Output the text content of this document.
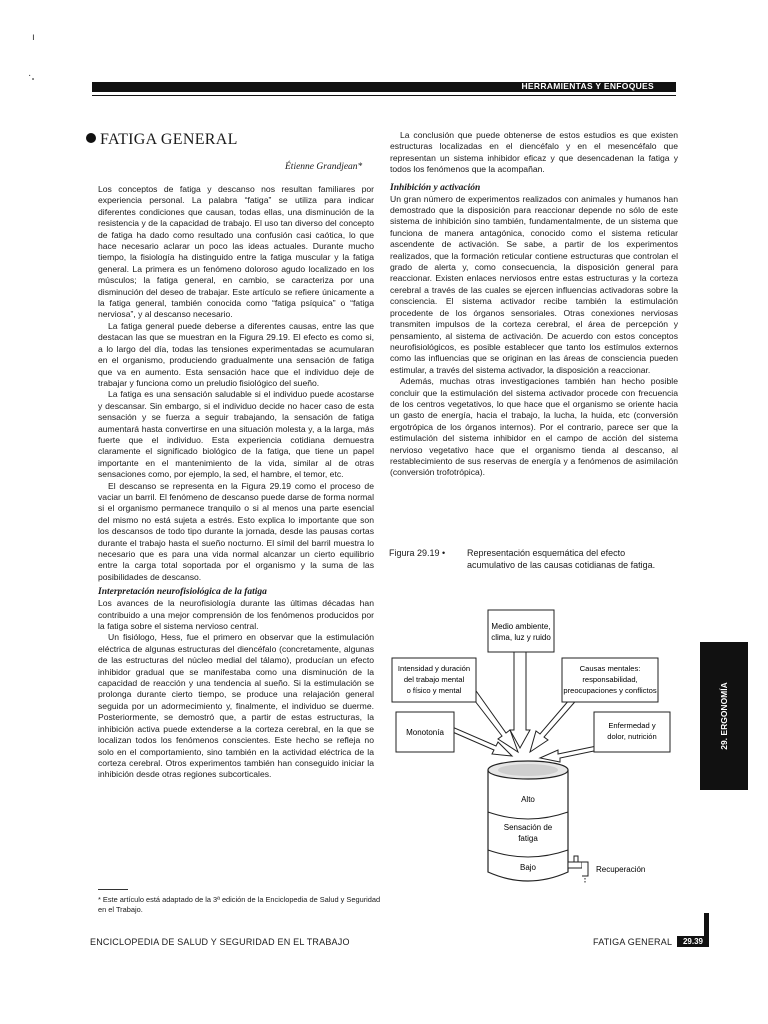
ı
·˳
HERRAMIENTAS Y ENFOQUES
FATIGA GENERAL
Étienne Grandjean*

Los conceptos de fatiga y descanso nos resultan familiares por experiencia personal. La palabra “fatiga” se utiliza para indicar diferentes condiciones que causan, todas ellas, una disminución de la resistencia y de la capacidad de trabajo. El uso tan diverso del concepto de fatiga ha dado como resultado una confusión casi caótica, lo que hace necesario aclarar un poco las ideas actuales. Durante mucho tiempo, la fisiología ha distinguido entre la fatiga muscular y la fatiga general. La primera es un fenómeno doloroso agudo localizado en los músculos; la fatiga general, en cambio, se caracteriza por una disminución del deseo de trabajar. Este artículo se refiere únicamente a la fatiga general, también conocida como “fatiga psíquica” o “fatiga nerviosa”, y al descanso necesario.

La fatiga general puede deberse a diferentes causas, entre las que destacan las que se muestran en la Figura 29.19. El efecto es como si, a lo largo del día, todas las tensiones experimentadas se acumularan en el organismo, produciendo gradualmente una sensación de fatiga que va en aumento. Esta sensación hace que el individuo deje de trabajar y funciona como un preludio fisiológico del sueño.

La fatiga es una sensación saludable si el individuo puede acostarse y descansar. Sin embargo, si el individuo decide no hacer caso de esta sensación y se fuerza a seguir trabajando, la sensación de fatiga aumentará hasta convertirse en una situación molesta y, a la larga, más fuerte que el individuo. Esta experiencia cotidiana demuestra claramente el significado biológico de la fatiga, que tiene un papel importante en el mantenimiento de la vida, similar al de otras sensaciones como, por ejemplo, la sed, el hambre, el temor, etc.

El descanso se representa en la Figura 29.19 como el proceso de vaciar un barril. El fenómeno de descanso puede darse de forma normal si el organismo permanece tranquilo o si al menos una parte esencial del mismo no está sujeta a estrés. Esto explica lo importante que son los descansos de todo tipo durante la jornada, desde las pausas cortas durante el trabajo hasta el sueño nocturno. El símil del barril muestra lo necesario que es para una vida normal alcanzar un cierto equilibrio entre la carga total soportada por el organismo y la suma de las posibilidades de descanso.

Interpretación neurofisiológica de la fatiga

Los avances de la neurofisiología durante las últimas décadas han contribuido a una mejor comprensión de los fenómenos producidos por la fatiga sobre el sistema nervioso central.

Un fisiólogo, Hess, fue el primero en observar que la estimulación eléctrica de algunas estructuras del diencéfalo (concretamente, algunas de las estructuras del núcleo medial del tálamo), producían un efecto inhibidor gradual que se manifestaba como una disminución de la capacidad de reacción y una tendencia al sueño. Si la estimulación se prolonga durante cierto tiempo, se produce una relajación general seguida por un adormecimiento y, finalmente, el individuo se duerme. Posteriormente, se demostró que, a partir de estas estructuras, la inhibición activa puede extenderse a la corteza cerebral, en la que se localizan todos los fenómenos conscientes. Este hecho se refleja no solo en el comportamiento, sino también en la actividad eléctrica de la corteza cerebral. Otros experimentos también han conseguido iniciar la inhibición desde otras regiones subcorticales.

La conclusión que puede obtenerse de estos estudios es que existen estructuras localizadas en el diencéfalo y en el mesencéfalo que representan un sistema inhibidor eficaz y que desencadenan la fatiga y todos los fenómenos que la acompañan.

Inhibición y activación

Un gran número de experimentos realizados con animales y humanos han demostrado que la disposición para reaccionar depende no sólo de este sistema de inhibición sino también, fundamentalmente, de un sistema que funciona de manera antagónica, conocido como el sistema reticular ascendente de activación. Se sabe, a partir de los experimentos realizados, que la formación reticular contiene estructuras que controlan el grado de alerta y, como consecuencia, la disposición general para reaccionar. Existen enlaces nerviosos entre estas estructuras y la corteza cerebral a través de las cuales se ejercen influencias activadoras sobre la consciencia. El sistema activador recibe también la estimulación procedente de los órganos sensoriales. Otras conexiones nerviosas transmiten impulsos de la corteza cerebral, el área de percepción y pensamiento, al sistema de activación. De acuerdo con estos conceptos neurofisiológicos, es posible establecer que tanto los estímulos externos como las influencias que se originan en las áreas de consciencia pueden estimular, a través del sistema activador, la disposición a reaccionar.

Además, muchas otras investigaciones también han hecho posible concluir que la estimulación del sistema activador procede con frecuencia de los centros vegetativos, lo que hace que el organismo se oriente hacia un gasto de energía, hacia el trabajo, la lucha, la huida, etc (conversión ergotrópica de los órganos internos). Por el contrario, parece ser que la estimulación del sistema inhibidor en el campo de acción del sistema nervioso vegetativo hace que el organismo tienda al descanso, al restablecimiento de sus reservas de energía y a fenómenos de asimilación (conversión trofotrópica).

Figura 29.19 • Representación esquemática del efecto acumulativo de las causas cotidianas de fatiga.
Medio ambiente,
clima, luz y ruido
Intensidad y duración
del trabajo mental
o físico y mental
Causas mentales:
responsabilidad,
preocupaciones y conflictos
Monotonía
Enfermedad y
dolor, nutrición
Alto
Sensación de
fatiga
Bajo	Recuperación
* Este artículo está adaptado de la 3ª edición de la Enciclopedia de Salud y Seguridad en el Trabajo.
29. ERGONOMÍA
ENCICLOPEDIA DE SALUD Y SEGURIDAD EN EL TRABAJO	FATIGA GENERAL	29.39
